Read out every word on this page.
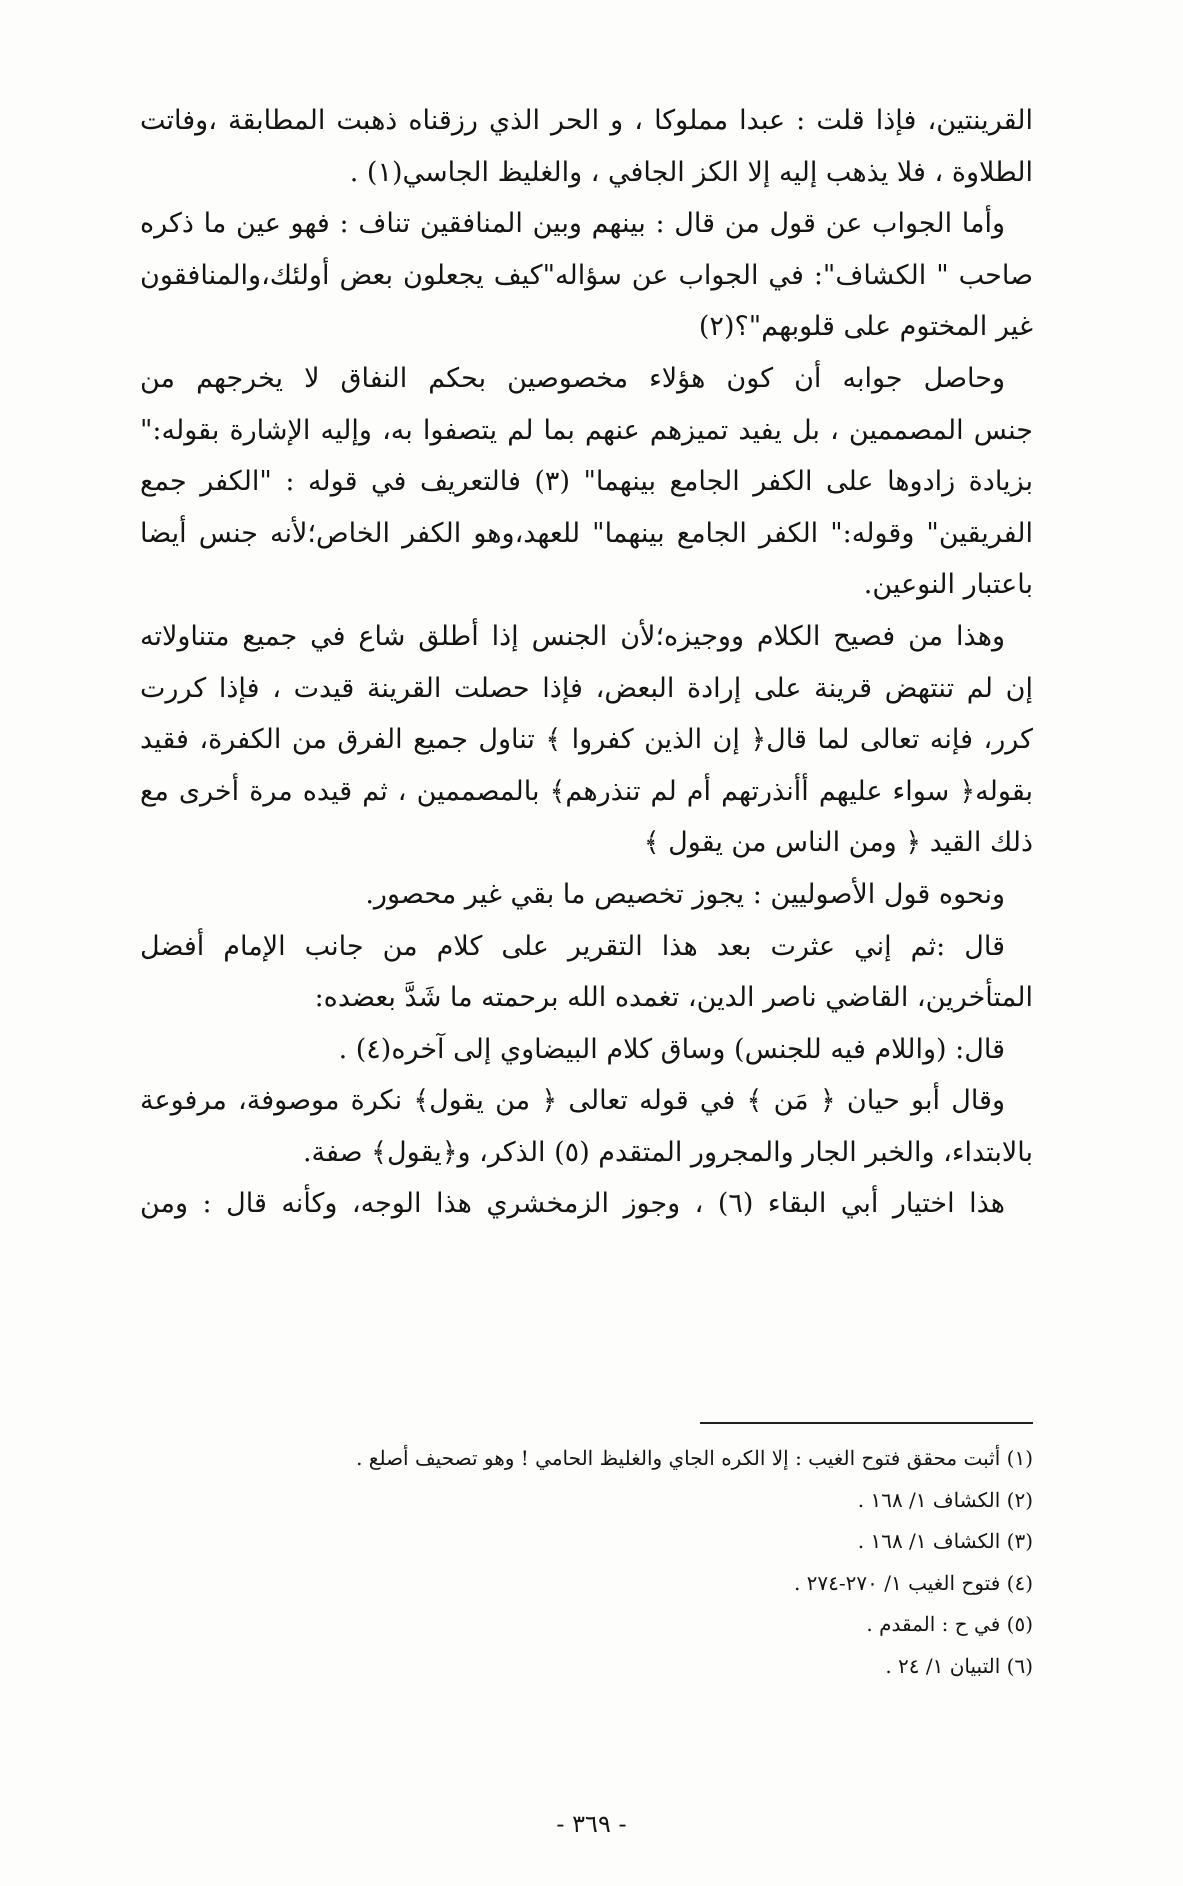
القرينتين، فإذا قلت : عبدا مملوكا ، و الحر الذي رزقناه ذهبت المطابقة ،وفاتت
الطلاوة ، فلا يذهب إليه إلا الكز الجافي ، والغليظ الجاسي(١) .
وأما الجواب عن قول من قال : بينهم وبين المنافقين تناف : فهو عين ما ذكره
صاحب " الكشاف": في الجواب عن سؤاله"كيف يجعلون بعض أولئك،والمنافقون
غير المختوم على قلوبهم"؟(٢)
وحاصل جوابه أن كون هؤلاء مخصوصين بحكم النفاق لا يخرجهم من
جنس المصممين ، بل يفيد تميزهم عنهم بما لم يتصفوا به، وإليه الإشارة بقوله:"
بزيادة زادوها على الكفر الجامع بينهما" (٣) فالتعريف في قوله : "الكفر جمع
الفريقين" وقوله:" الكفر الجامع بينهما" للعهد،وهو الكفر الخاص؛لأنه جنس أيضا
باعتبار النوعين.
وهذا من فصيح الكلام ووجيزه؛لأن الجنس إذا أطلق شاع في جميع متناولاته
إن لم تنتهض قرينة على إرادة البعض، فإذا حصلت القرينة قيدت ، فإذا كررت
كرر، فإنه تعالى لما قال﴿ إن الذين كفروا ﴾ تناول جميع الفرق من الكفرة، فقيد
بقوله﴿ سواء عليهم أأنذرتهم أم لم تنذرهم﴾ بالمصممين ، ثم قيده مرة أخرى مع
ذلك القيد ﴿ ومن الناس من يقول ﴾
ونحوه قول الأصوليين : يجوز تخصيص ما بقي غير محصور.
قال :ثم إني عثرت بعد هذا التقرير على كلام من جانب الإمام أفضل
المتأخرين، القاضي ناصر الدين، تغمده الله برحمته ما شَدَّ بعضده:
قال: (واللام فيه للجنس) وساق كلام البيضاوي إلى آخره(٤) .
وقال أبو حيان ﴿ مَن ﴾ في قوله تعالى ﴿ من يقول﴾ نكرة موصوفة، مرفوعة
بالابتداء، والخبر الجار والمجرور المتقدم (٥) الذكر، و﴿يقول﴾ صفة.
هذا اختيار أبي البقاء (٦) ، وجوز الزمخشري هذا الوجه، وكأنه قال : ومن
(١) أثبت محقق فتوح الغيب : إلا الكره الجاي والغليظ الحامي ! وهو تصحيف أصلع .
(٢) الكشاف ١/ ١٦٨ .
(٣) الكشاف ١/ ١٦٨ .
(٤) فتوح الغيب ١/ ٢٧٠-٢٧٤ .
(٥) في ح : المقدم .
(٦) التبيان ١/ ٢٤ .
- ٣٦٩ -
